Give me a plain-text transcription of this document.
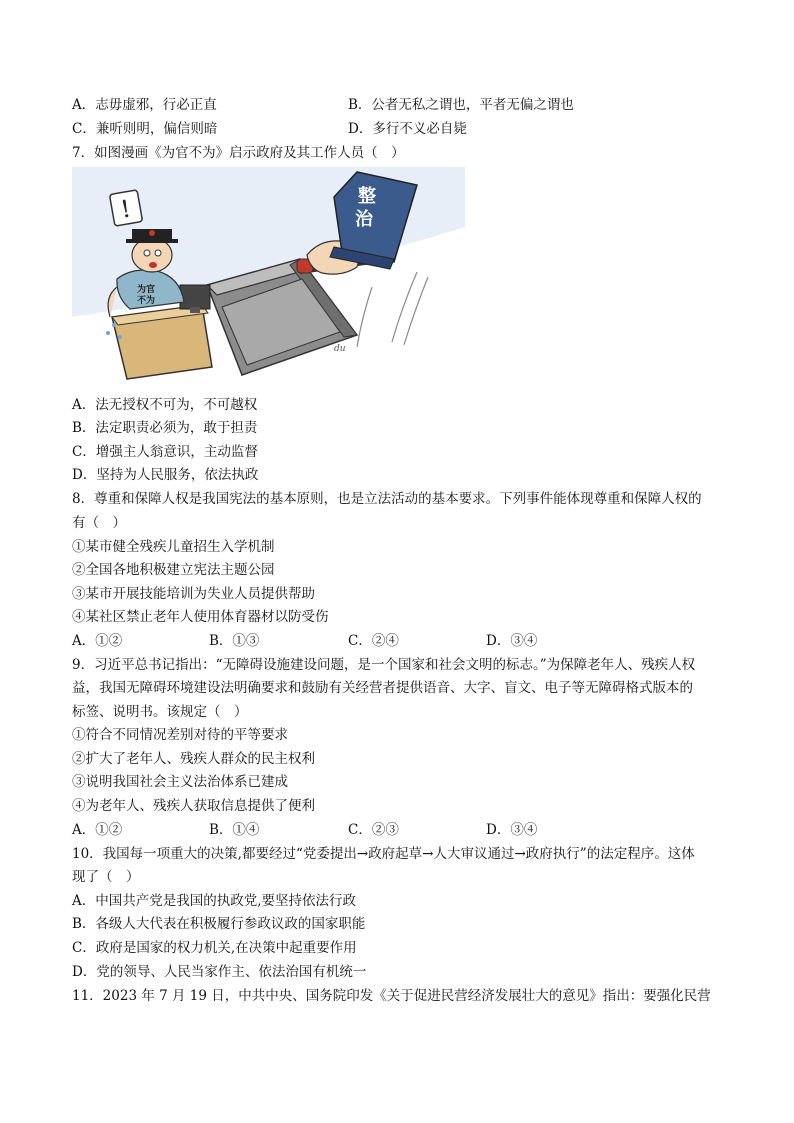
A．志毋虚邪，行必正直	B．公者无私之谓也，平者无偏之谓也
C．兼听则明，偏信则暗	D．多行不义必自毙
7．如图漫画《为官不为》启示政府及其工作人员（　）
整
治
为官
不为
！
du
A．法无授权不可为，不可越权
B．法定职责必须为，敢于担责
C．增强主人翁意识，主动监督
D．坚持为人民服务，依法执政
8．尊重和保障人权是我国宪法的基本原则，也是立法活动的基本要求。下列事件能体现尊重和保障人权的
有（　）
①某市健全残疾儿童招生入学机制
②全国各地积极建立宪法主题公园
③某市开展技能培训为失业人员提供帮助
④某社区禁止老年人使用体育器材以防受伤
A．①②	B．①③	C．②④	D．③④
9．习近平总书记指出：“无障碍设施建设问题，是一个国家和社会文明的标志。”为保障老年人、残疾人权
益，我国无障碍环境建设法明确要求和鼓励有关经营者提供语音、大字、盲文、电子等无障碍格式版本的
标签、说明书。该规定（　）
①符合不同情况差别对待的平等要求
②扩大了老年人、残疾人群众的民主权利
③说明我国社会主义法治体系已建成
④为老年人、残疾人获取信息提供了便利
A．①②	B．①④	C．②③	D．③④
10．我国每一项重大的决策,都要经过“党委提出→政府起草→人大审议通过→政府执行”的法定程序。这体
现了（　）
A．中国共产党是我国的执政党,要坚持依法行政
B．各级人大代表在积极履行参政议政的国家职能
C．政府是国家的权力机关,在决策中起重要作用
D．党的领导、人民当家作主、依法治国有机统一
11．2023 年 7 月 19 日，中共中央、国务院印发《关于促进民营经济发展壮大的意见》指出：要强化民营
